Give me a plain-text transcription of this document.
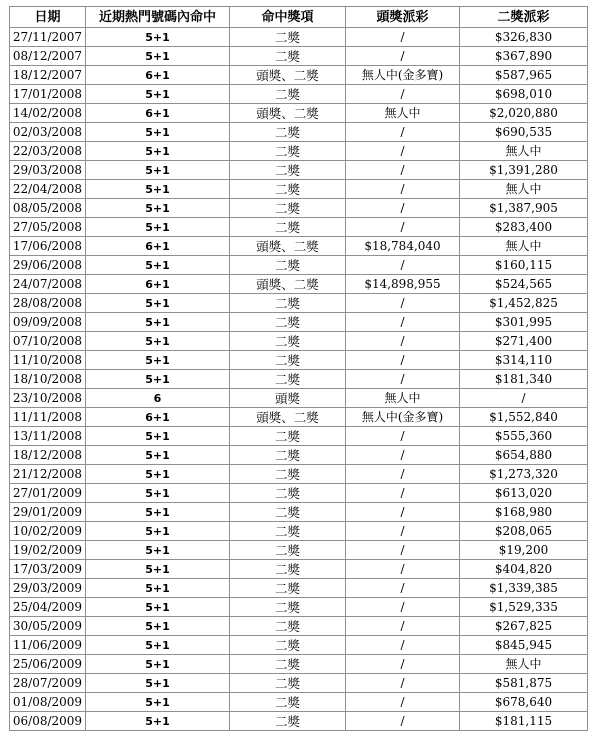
日期	近期熱門號碼內命中	命中獎項	頭獎派彩	二獎派彩
27/11/2007	5+1	二獎	/	$326,830
08/12/2007	5+1	二獎	/	$367,890
18/12/2007	6+1	頭獎、二獎	無人中(金多寶)	$587,965
17/01/2008	5+1	二獎	/	$698,010
14/02/2008	6+1	頭獎、二獎	無人中	$2,020,880
02/03/2008	5+1	二獎	/	$690,535
22/03/2008	5+1	二獎	/	無人中
29/03/2008	5+1	二獎	/	$1,391,280
22/04/2008	5+1	二獎	/	無人中
08/05/2008	5+1	二獎	/	$1,387,905
27/05/2008	5+1	二獎	/	$283,400
17/06/2008	6+1	頭獎、二獎	$18,784,040	無人中
29/06/2008	5+1	二獎	/	$160,115
24/07/2008	6+1	頭獎、二獎	$14,898,955	$524,565
28/08/2008	5+1	二獎	/	$1,452,825
09/09/2008	5+1	二獎	/	$301,995
07/10/2008	5+1	二獎	/	$271,400
11/10/2008	5+1	二獎	/	$314,110
18/10/2008	5+1	二獎	/	$181,340
23/10/2008	6	頭獎	無人中	/
11/11/2008	6+1	頭獎、二獎	無人中(金多寶)	$1,552,840
13/11/2008	5+1	二獎	/	$555,360
18/12/2008	5+1	二獎	/	$654,880
21/12/2008	5+1	二獎	/	$1,273,320
27/01/2009	5+1	二獎	/	$613,020
29/01/2009	5+1	二獎	/	$168,980
10/02/2009	5+1	二獎	/	$208,065
19/02/2009	5+1	二獎	/	$19,200
17/03/2009	5+1	二獎	/	$404,820
29/03/2009	5+1	二獎	/	$1,339,385
25/04/2009	5+1	二獎	/	$1,529,335
30/05/2009	5+1	二獎	/	$267,825
11/06/2009	5+1	二獎	/	$845,945
25/06/2009	5+1	二獎	/	無人中
28/07/2009	5+1	二獎	/	$581,875
01/08/2009	5+1	二獎	/	$678,640
06/08/2009	5+1	二獎	/	$181,115
